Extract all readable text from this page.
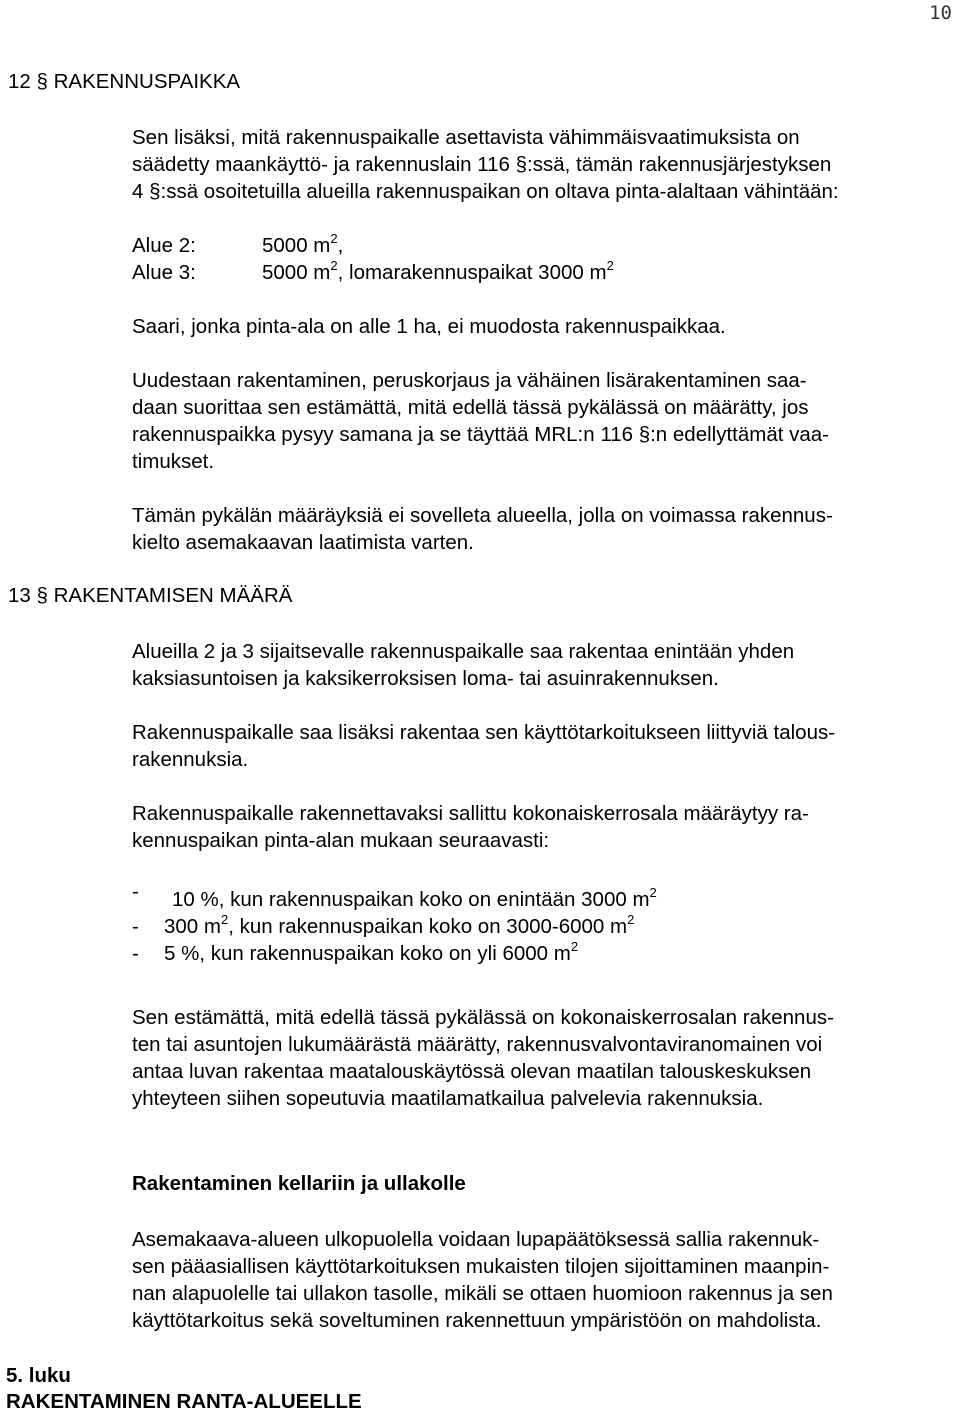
10
12 § RAKENNUSPAIKKA
Sen lisäksi, mitä rakennuspaikalle asettavista vähimmäisvaatimuksista on
säädetty maankäyttö- ja rakennuslain 116 §:ssä, tämän rakennusjärjestyksen
4 §:ssä osoitetuilla alueilla rakennuspaikan on oltava pinta-alaltaan vähintään:
Alue 2:	5000 $m^2$,
Alue 3:	5000 $m^2$, lomarakennuspaikat 3000 $m^2$
Saari, jonka pinta-ala on alle 1 ha, ei muodosta rakennuspaikkaa.
Uudestaan rakentaminen, peruskorjaus ja vähäinen lisärakentaminen saa-
daan suorittaa sen estämättä, mitä edellä tässä pykälässä on määrätty, jos
rakennuspaikka pysyy samana ja se täyttää MRL:n 116 §:n edellyttämät vaa-
timukset.
Tämän pykälän määräyksiä ei sovelleta alueella, jolla on voimassa rakennus-
kielto asemakaavan laatimista varten.
13 § RAKENTAMISEN MÄÄRÄ
Alueilla 2 ja 3 sijaitsevalle rakennuspaikalle saa rakentaa enintään yhden
kaksiasuntoisen ja kaksikerroksisen loma- tai asuinrakennuksen.
Rakennuspaikalle saa lisäksi rakentaa sen käyttötarkoitukseen liittyviä talous-
rakennuksia.
Rakennuspaikalle rakennettavaksi sallittu kokonaiskerrosala määräytyy ra-
kennuspaikan pinta-alan mukaan seuraavasti:
- 10 %, kun rakennuspaikan koko on enintään 3000 $m^2$
- 300 $m^2$, kun rakennuspaikan koko on 3000-6000 $m^2$
- 5 %, kun rakennuspaikan koko on yli 6000 $m^2$
Sen estämättä, mitä edellä tässä pykälässä on kokonaiskerrosalan rakennus-
ten tai asuntojen lukumäärästä määrätty, rakennusvalvontaviranomainen voi
antaa luvan rakentaa maatalouskäytössä olevan maatilan talouskeskuksen
yhteyteen siihen sopeutuvia maatilamatkailua palvelevia rakennuksia.
Rakentaminen kellariin ja ullakolle
Asemakaava-alueen ulkopuolella voidaan lupapäätöksessä sallia rakennuk-
sen pääasiallisen käyttötarkoituksen mukaisten tilojen sijoittaminen maanpin-
nan alapuolelle tai ullakon tasolle, mikäli se ottaen huomioon rakennus ja sen
käyttötarkoitus sekä soveltuminen rakennettuun ympäristöön on mahdolista.
5. luku
RAKENTAMINEN RANTA-ALUEELLE
